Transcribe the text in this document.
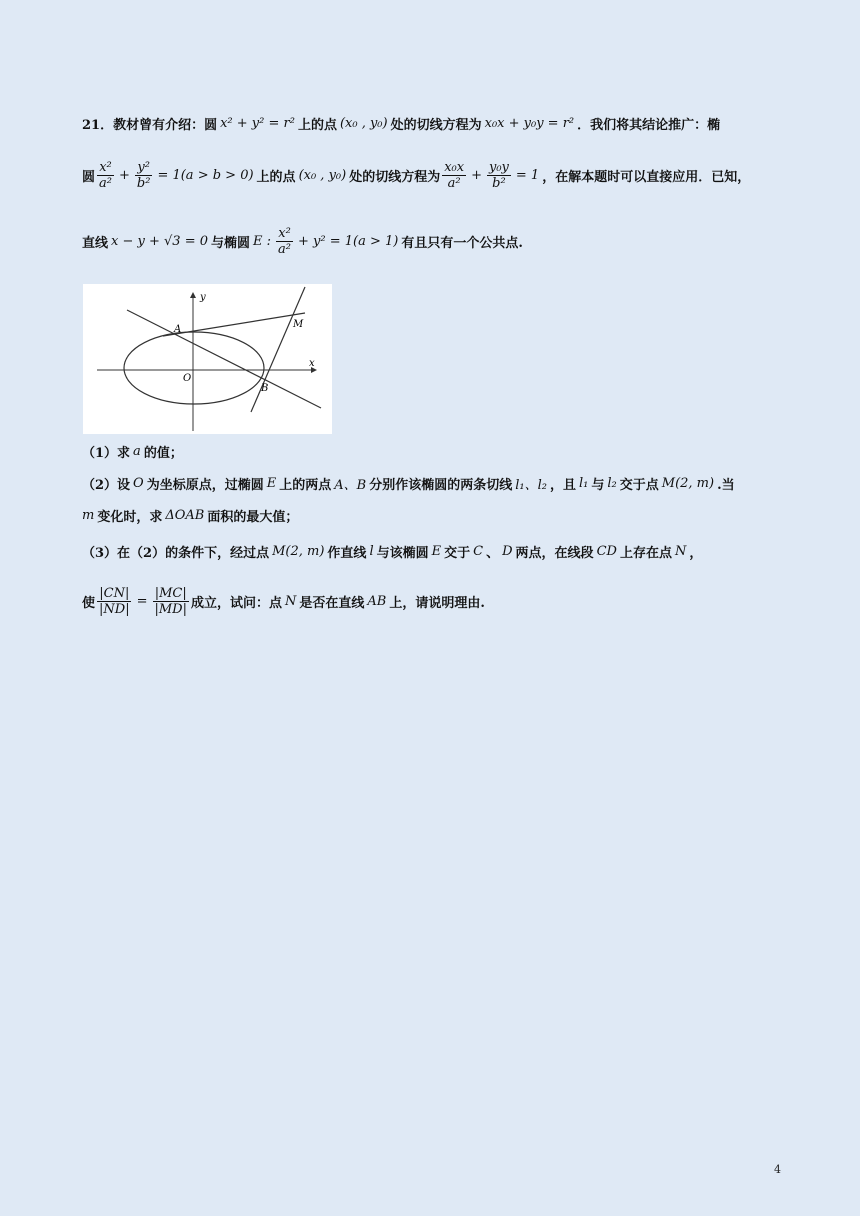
21．教材曾有介绍：圆 x² + y² = r² 上的点 (x₀ , y₀) 处的切线方程为 x₀x + y₀y = r² ．我们将其结论推广：椭
圆 $\frac{\text{x²}}{\text{a²}} + \frac{\text{y²}}{\text{b²}} = 1(a > b > 0)$ 上的点 (x₀ , y₀) 处的切线方程为 $\frac{\text{x₀x}}{\text{a²}} + \frac{\text{y₀y}}{\text{b²}} = 1$ ，在解本题时可以直接应用．已知，
直线 x − y + √3 = 0 与椭圆 E : $\frac{\text{x²}}{\text{a²}} + y^2 = 1(a > 1)$ 有且只有一个公共点.
y
x
O
A
B
M
（1）求 a 的值；
（2）设 O 为坐标原点，过椭圆 E 上的两点 A、B 分别作该椭圆的两条切线 l₁、l₂ ，且 l₁ 与 l₂ 交于点 M(2, m) .当
m 变化时，求 ΔOAB 面积的最大值；
（3）在（2）的条件下，经过点 M(2, m) 作直线 l 与该椭圆 E 交于 C 、 D 两点，在线段 CD 上存在点 N ，
使 $\frac{|CN|}{|ND|} = \frac{|MC|}{|MD|}$ 成立，试问：点 N 是否在直线 AB 上，请说明理由.
4
